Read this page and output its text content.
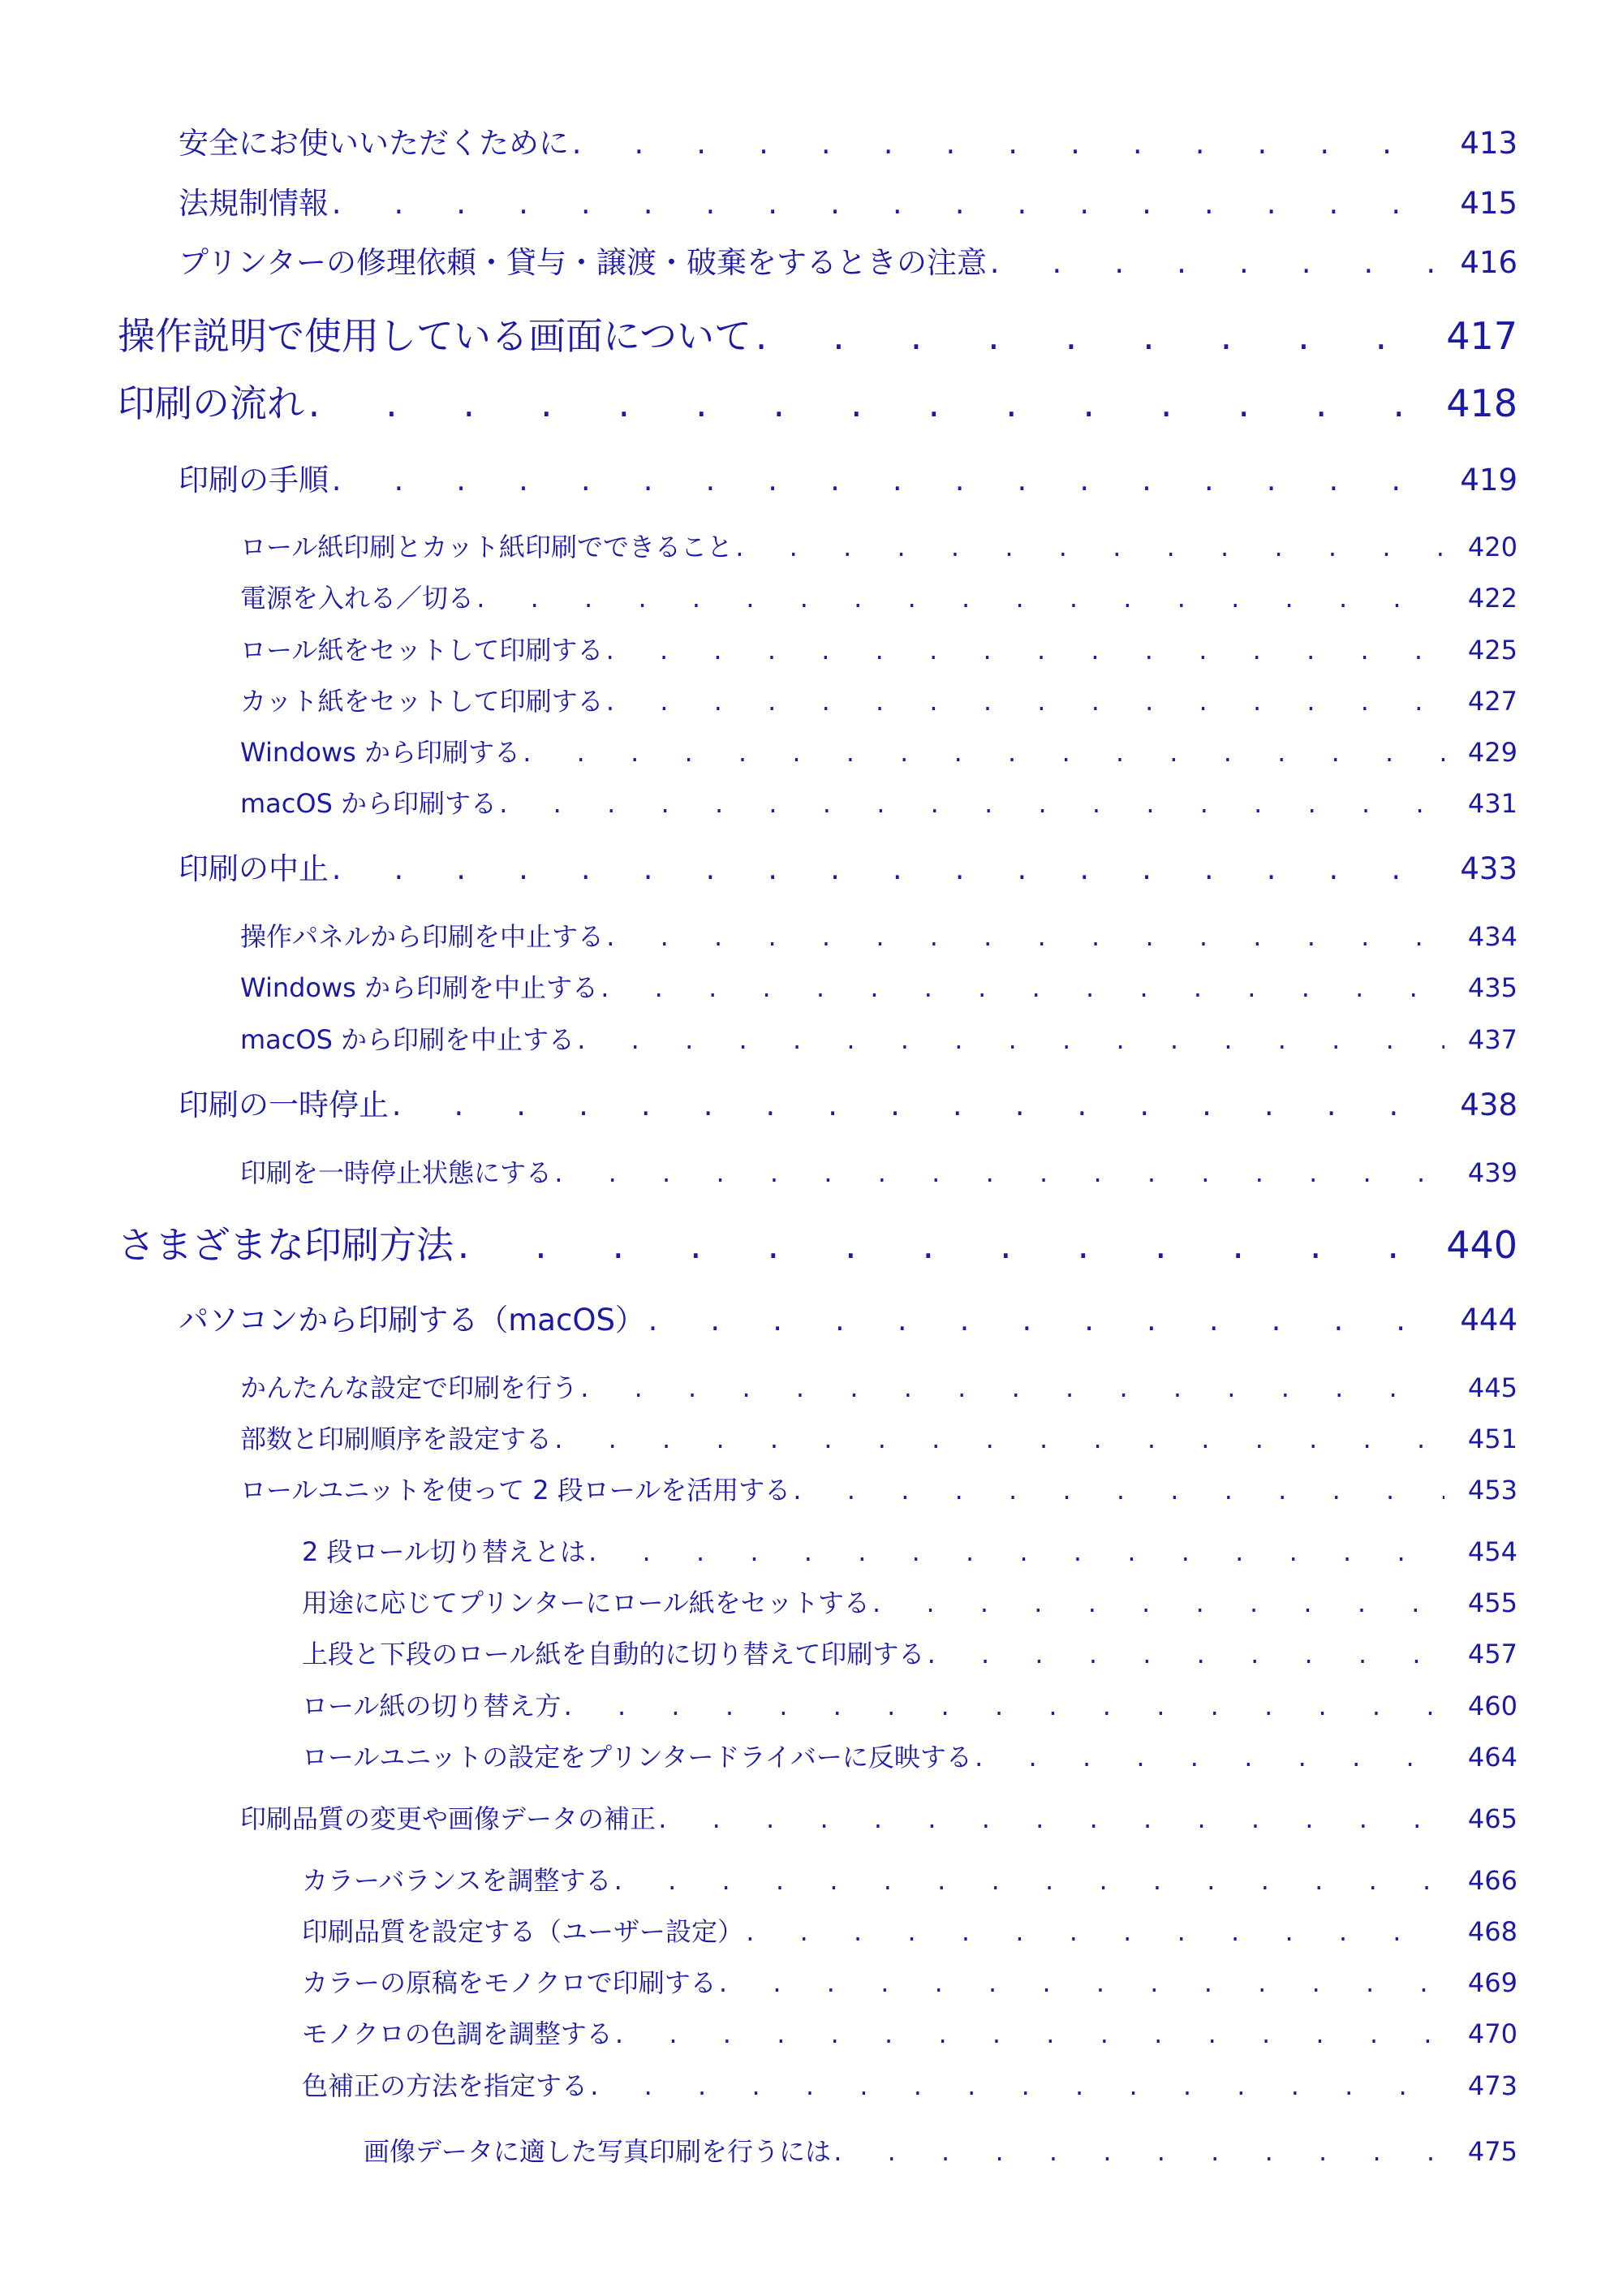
安全にお使いいただくために . . .	413
法規制情報 . . .	415
プリンターの修理依頼・貸与・譲渡・破棄をするときの注意 . . .	416
操作説明で使用している画面について . . .	417
印刷の流れ . . .	418
印刷の手順 . . .	419
ロール紙印刷とカット紙印刷でできること . . .	420
電源を入れる／切る . . .	422
ロール紙をセットして印刷する . . .	425
カット紙をセットして印刷する . . .	427
Windows から印刷する . . .	429
macOS から印刷する . . .	431
印刷の中止 . . .	433
操作パネルから印刷を中止する . . .	434
Windows から印刷を中止する . . .	435
macOS から印刷を中止する . . .	437
印刷の一時停止 . . .	438
印刷を一時停止状態にする . . .	439
さまざまな印刷方法 . . .	440
パソコンから印刷する（macOS） . . .	444
かんたんな設定で印刷を行う . . .	445
部数と印刷順序を設定する . . .	451
ロールユニットを使って 2 段ロールを活用する . . .	453
2 段ロール切り替えとは . . .	454
用途に応じてプリンターにロール紙をセットする . . .	455
上段と下段のロール紙を自動的に切り替えて印刷する . . .	457
ロール紙の切り替え方 . . .	460
ロールユニットの設定をプリンタードライバーに反映する . . .	464
印刷品質の変更や画像データの補正 . . .	465
カラーバランスを調整する . . .	466
印刷品質を設定する（ユーザー設定） . . .	468
カラーの原稿をモノクロで印刷する . . .	469
モノクロの色調を調整する . . .	470
色補正の方法を指定する . . .	473
画像データに適した写真印刷を行うには . . .	475
